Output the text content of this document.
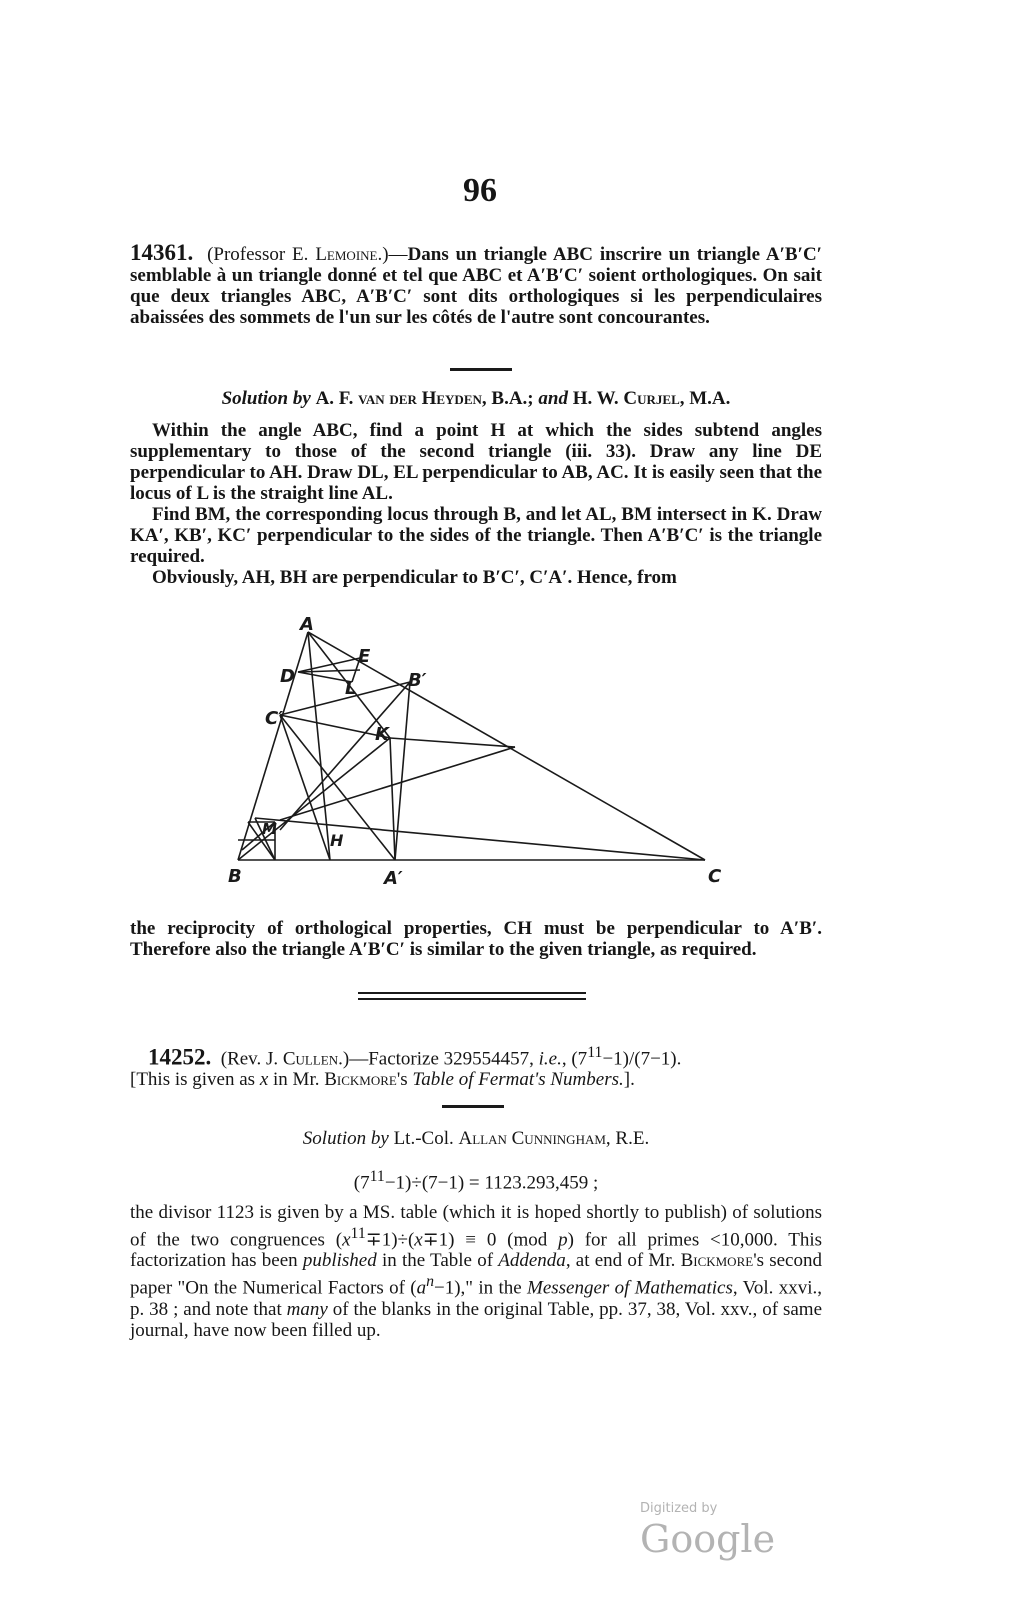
96
14361. (Professor E. Lemoine.)—Dans un triangle ABC inscrire un triangle A′B′C′ semblable à un triangle donné et tel que ABC et A′B′C′ soient orthologiques. On sait que deux triangles ABC, A′B′C′ sont dits orthologiques si les perpendiculaires abaissées des sommets de l'un sur les côtés de l'autre sont concourantes.
Solution by A. F. van der Heyden, B.A.; and H. W. Curjel, M.A.
Within the angle ABC, find a point H at which the sides subtend angles supplementary to those of the second triangle (iii. 33). Draw any line DE perpendicular to AH. Draw DL, EL perpendicular to AB, AC. It is easily seen that the locus of L is the straight line AL.
Find BM, the corresponding locus through B, and let AL, BM intersect in K. Draw KA′, KB′, KC′ perpendicular to the sides of the triangle. Then A′B′C′ is the triangle required.
Obviously, AH, BH are perpendicular to B′C′, C′A′. Hence, from
A
E
D
L	B′
C′
K
M
H
B	A′	C
the reciprocity of orthological properties, CH must be perpendicular to A′B′. Therefore also the triangle A′B′C′ is similar to the given triangle, as required.
14252. (Rev. J. Cullen.)—Factorize 329554457, i.e., $(7^{11}-1)/(7-1)$.
[This is given as x in Mr. Bickmore's Table of Fermat's Numbers.].
Solution by Lt.-Col. Allan Cunningham, R.E.
$(7^{11}-1)\div(7-1) = 1123.293,459$ ;
the divisor 1123 is given by a MS. table (which it is hoped shortly to publish) of solutions of the two congruences $(x^{11}\mp 1)\div(x\mp 1) \equiv 0$ (mod p) for all primes <10,000. This factorization has been published in the Table of Addenda, at end of Mr. Bickmore's second paper "On the Numerical Factors of $(a^n-1)$," in the Messenger of Mathematics, Vol. xxvi., p. 38 ; and note that many of the blanks in the original Table, pp. 37, 38, Vol. xxv., of same journal, have now been filled up.
Digitized by Google
